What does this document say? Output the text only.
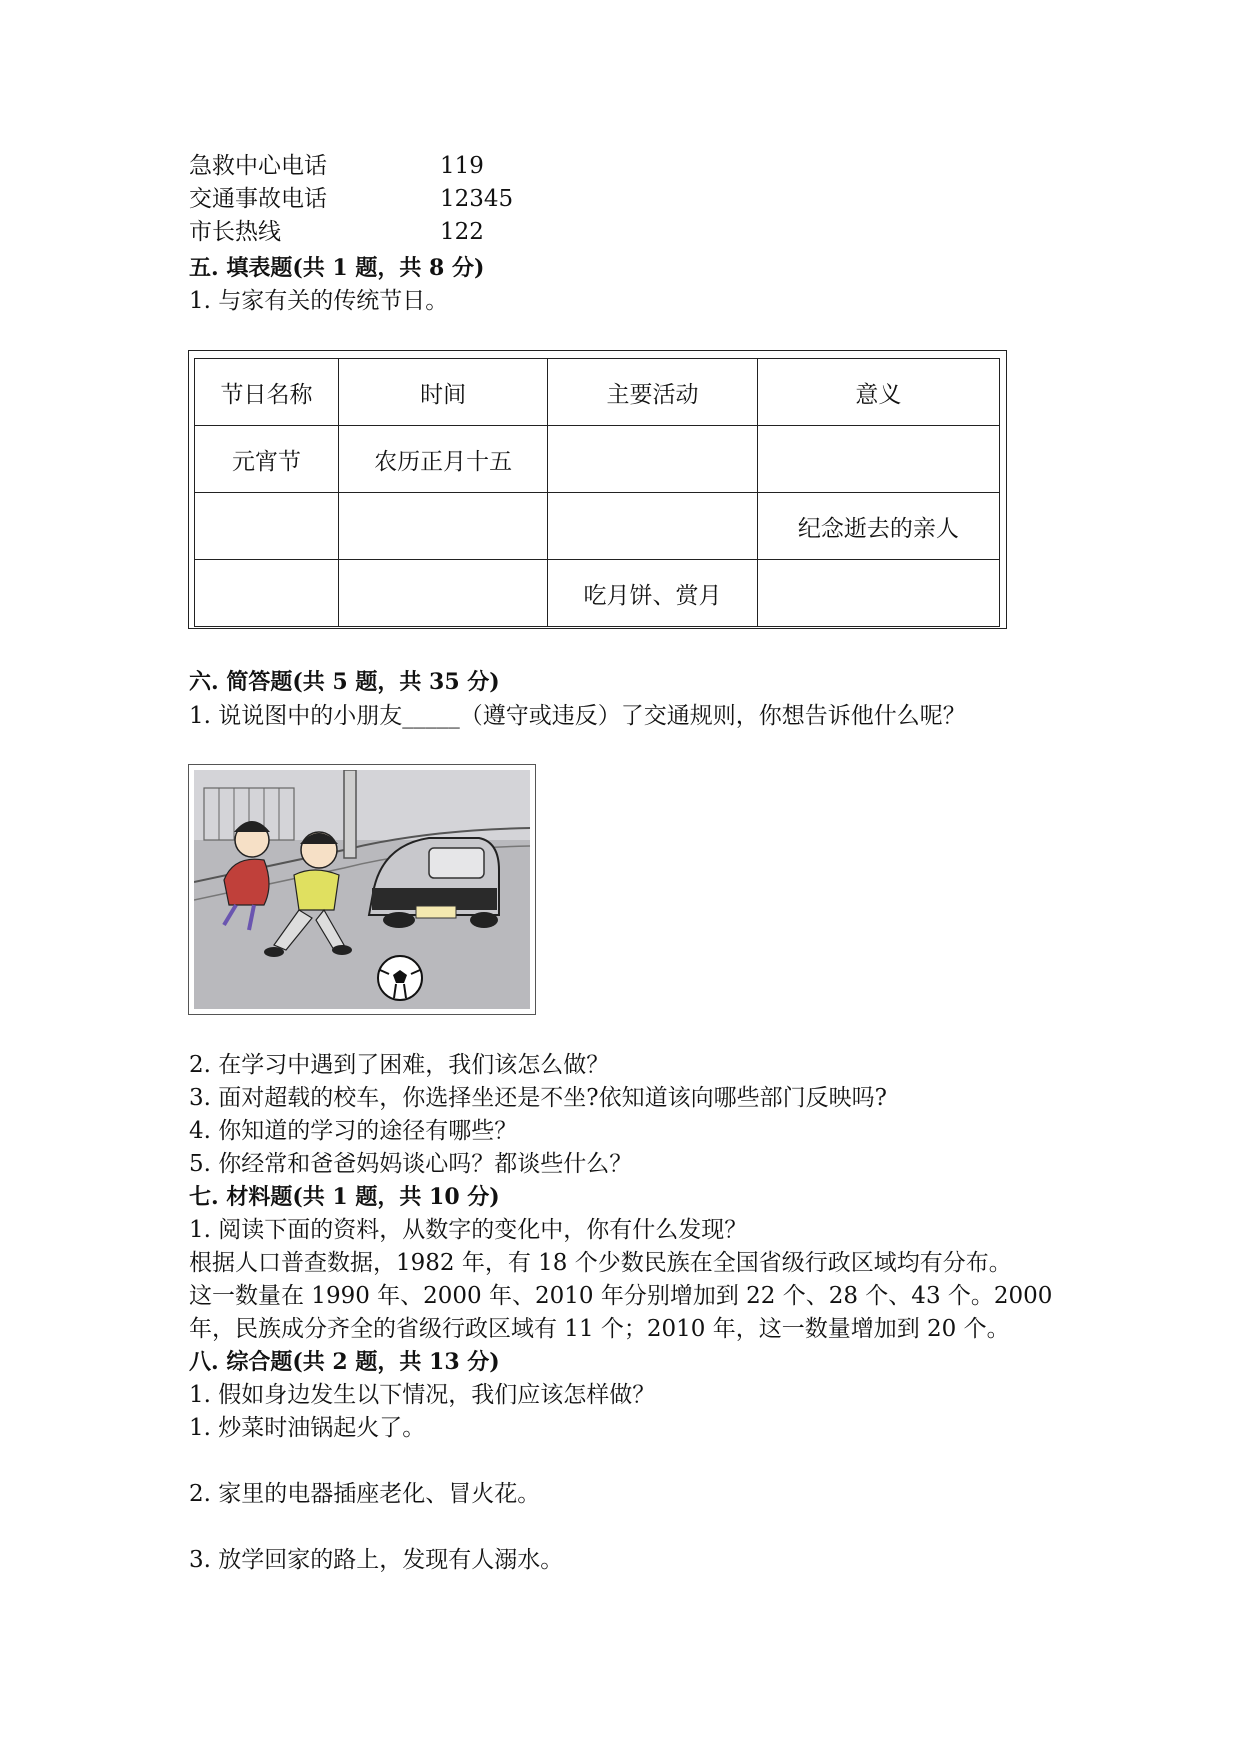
急救中心电话	119
交通事故电话	12345
市长热线	122
五. 填表题(共 1 题，共 8 分)
1. 与家有关的传统节日。
节日名称	时间	主要活动	意义
元宵节	农历正月十五		
			纪念逝去的亲人
		吃月饼、赏月	
六. 简答题(共 5 题，共 35 分)
1. 说说图中的小朋友_____（遵守或违反）了交通规则，你想告诉他什么呢？
2. 在学习中遇到了困难，我们该怎么做？
3. 面对超载的校车，你选择坐还是不坐?依知道该向哪些部门反映吗?
4. 你知道的学习的途径有哪些？
5. 你经常和爸爸妈妈谈心吗？都谈些什么？
七. 材料题(共 1 题，共 10 分)
1. 阅读下面的资料，从数字的变化中，你有什么发现？
根据人口普查数据，1982 年，有 18 个少数民族在全国省级行政区域均有分布。
这一数量在 1990 年、2000 年、2010 年分别增加到 22 个、28 个、43 个。2000
年，民族成分齐全的省级行政区域有 11 个；2010 年，这一数量增加到 20 个。
八. 综合题(共 2 题，共 13 分)
1. 假如身边发生以下情况，我们应该怎样做？
1. 炒菜时油锅起火了。
2. 家里的电器插座老化、冒火花。
3. 放学回家的路上，发现有人溺水。
